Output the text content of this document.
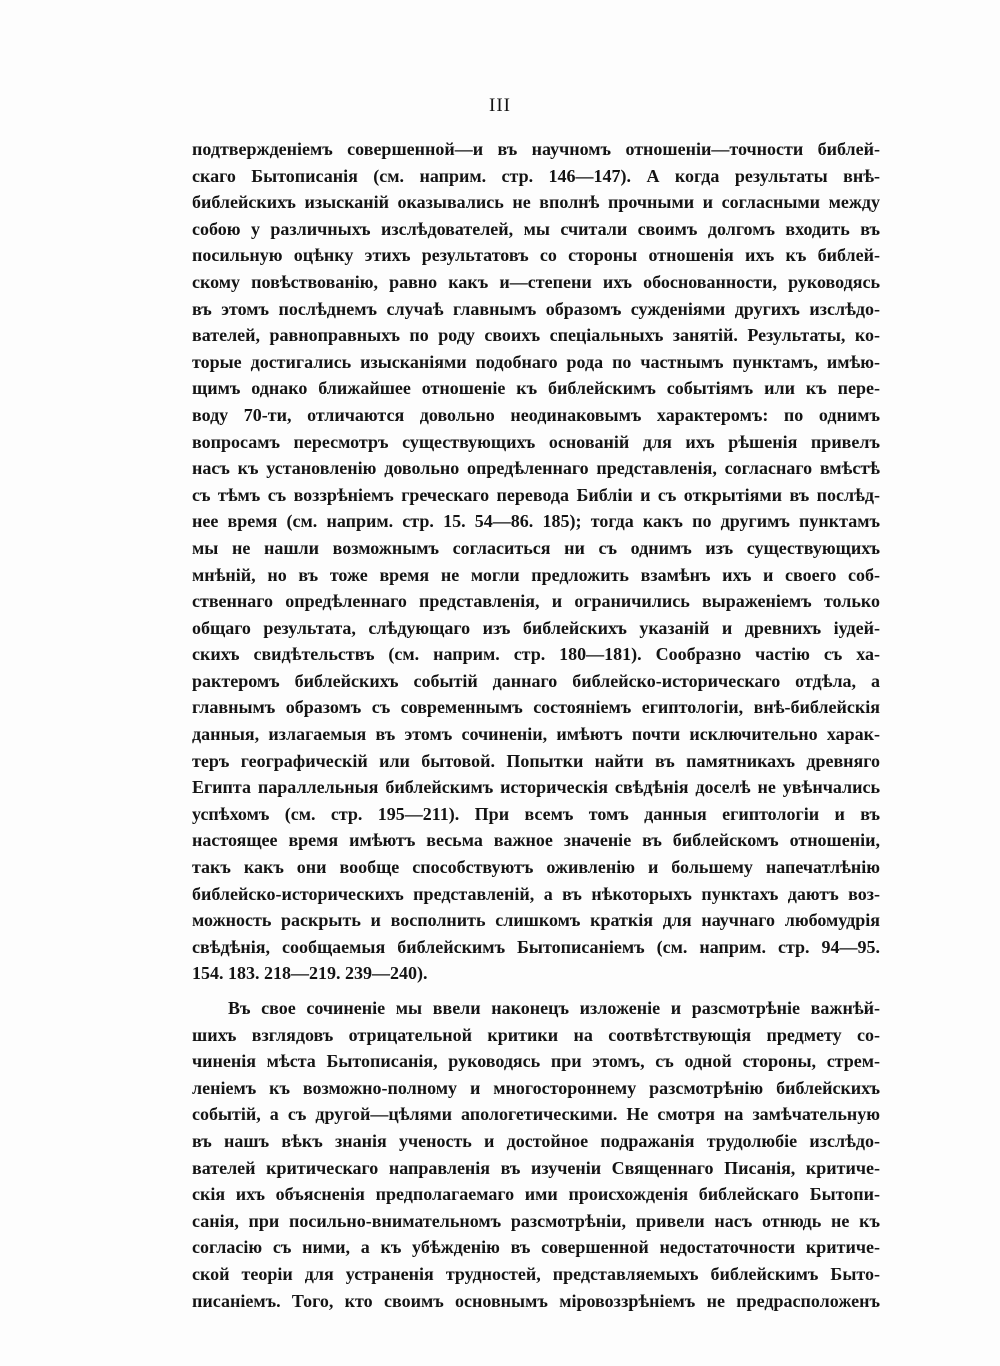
III
подтвержденіемъ совершенной—и въ научномъ отношеніи—точности библей-
скаго Бытописанія (см. наприм. стр. 146—147). А когда результаты внѣ-
библейскихъ изысканій оказывались не вполнѣ прочными и согласными между
собою у различныхъ изслѣдователей, мы считали своимъ долгомъ входить въ
посильную оцѣнку этихъ результатовъ со стороны отношенія ихъ къ библей-
скому повѣствованію, равно какъ и—степени ихъ обоснованности, руководясь
въ этомъ послѣднемъ случаѣ главнымъ образомъ сужденіями другихъ изслѣдо-
вателей, равноправныхъ по роду своихъ спеціальныхъ занятій. Результаты, ко-
торые достигались изысканіями подобнаго рода по частнымъ пунктамъ, имѣю-
щимъ однако ближайшее отношеніе къ библейскимъ событіямъ или къ пере-
воду 70-ти, отличаются довольно неодинаковымъ характеромъ: по однимъ
вопросамъ пересмотръ существующихъ основаній для ихъ рѣшенія привелъ
насъ къ установленію довольно опредѣленнаго представленія, согласнаго вмѣстѣ
съ тѣмъ съ воззрѣніемъ греческаго перевода Библіи и съ открытіями въ послѣд-
нее время (см. наприм. стр. 15. 54—86. 185); тогда какъ по другимъ пунктамъ
мы не нашли возможнымъ согласиться ни съ однимъ изъ существующихъ
мнѣній, но въ тоже время не могли предложить взамѣнъ ихъ и своего соб-
ственнаго опредѣленнаго представленія, и ограничились выраженіемъ только
общаго результата, слѣдующаго изъ библейскихъ указаній и древнихъ іудей-
скихъ свидѣтельствъ (см. наприм. стр. 180—181). Сообразно частію съ ха-
рактеромъ библейскихъ событій даннаго библейско-историческаго отдѣла, а
главнымъ образомъ съ современнымъ состояніемъ египтологіи, внѣ-библейскія
данныя, излагаемыя въ этомъ сочиненіи, имѣютъ почти исключительно харак-
теръ географическій или бытовой. Попытки найти въ памятникахъ древняго
Египта параллельныя библейскимъ историческія свѣдѣнія доселѣ не увѣнчались
успѣхомъ (см. стр. 195—211). При всемъ томъ данныя египтологіи и въ
настоящее время имѣютъ весьма важное значеніе въ библейскомъ отношеніи,
такъ какъ они вообще способствуютъ оживленію и большему напечатлѣнію
библейско-историческихъ представленій, а въ нѣкоторыхъ пунктахъ даютъ воз-
можность раскрыть и восполнить слишкомъ краткія для научнаго любомудрія
свѣдѣнія, сообщаемыя библейскимъ Бытописаніемъ (см. наприм. стр. 94—95.
154. 183. 218—219. 239—240).
Въ свое сочиненіе мы ввели наконецъ изложеніе и разсмотрѣніе важнѣй-
шихъ взглядовъ отрицательной критики на соотвѣтствующія предмету со-
чиненія мѣста Бытописанія, руководясь при этомъ, съ одной стороны, стрем-
леніемъ къ возможно-полному и многостороннему разсмотрѣнію библейскихъ
событій, а съ другой—цѣлями апологетическими. Не смотря на замѣчательную
въ нашъ вѣкъ знанія ученость и достойное подражанія трудолюбіе изслѣдо-
вателей критическаго направленія въ изученіи Священнаго Писанія, критиче-
скія ихъ объясненія предполагаемаго ими происхожденія библейскаго Бытопи-
санія, при посильно-внимательномъ разсмотрѣніи, привели насъ отнюдь не къ
согласію съ ними, а къ убѣжденію въ совершенной недостаточности критиче-
ской теоріи для устраненія трудностей, представляемыхъ библейскимъ Быто-
писаніемъ. Того, кто своимъ основнымъ міровоззрѣніемъ не предрасположенъ
